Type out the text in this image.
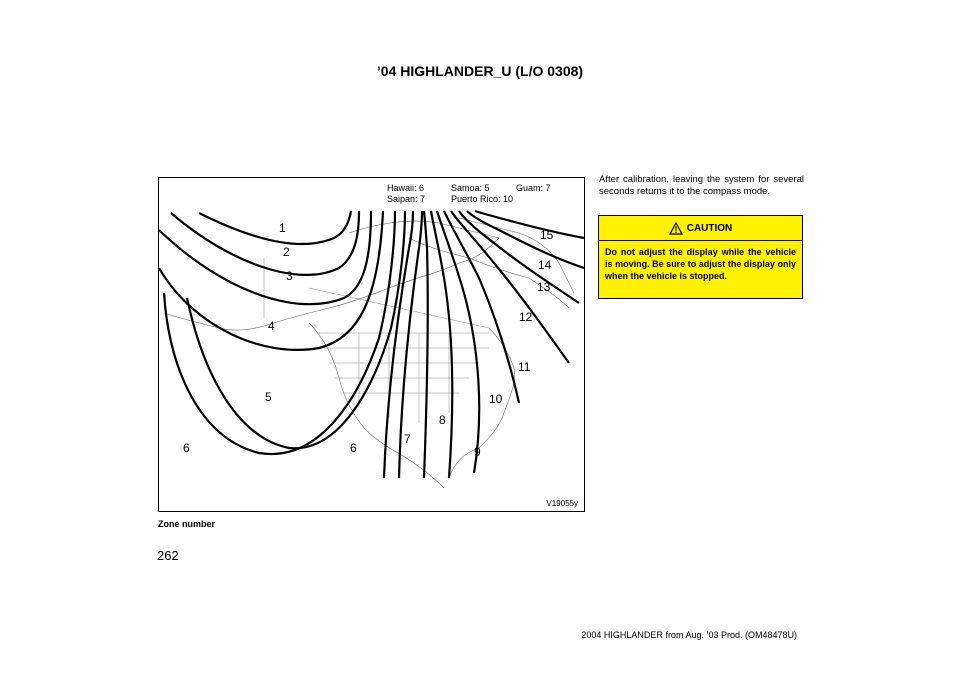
’04 HIGHLANDER_U (L/O 0308)
1
2
3
4
5
6	6
7
8
9
10
11
12
13
14
15
Hawaii: 6	Samoa: 5	Guam: 7
Saipan: 7	Puerto Rico: 10
V19055y
Zone number
262
After calibration, leaving the system for several seconds returns it to the compass mode.
CAUTION
Do not adjust the display while the vehicle is moving. Be sure to adjust the display only when the vehicle is stopped.
2004 HIGHLANDER from Aug. ’03 Prod. (OM48478U)
